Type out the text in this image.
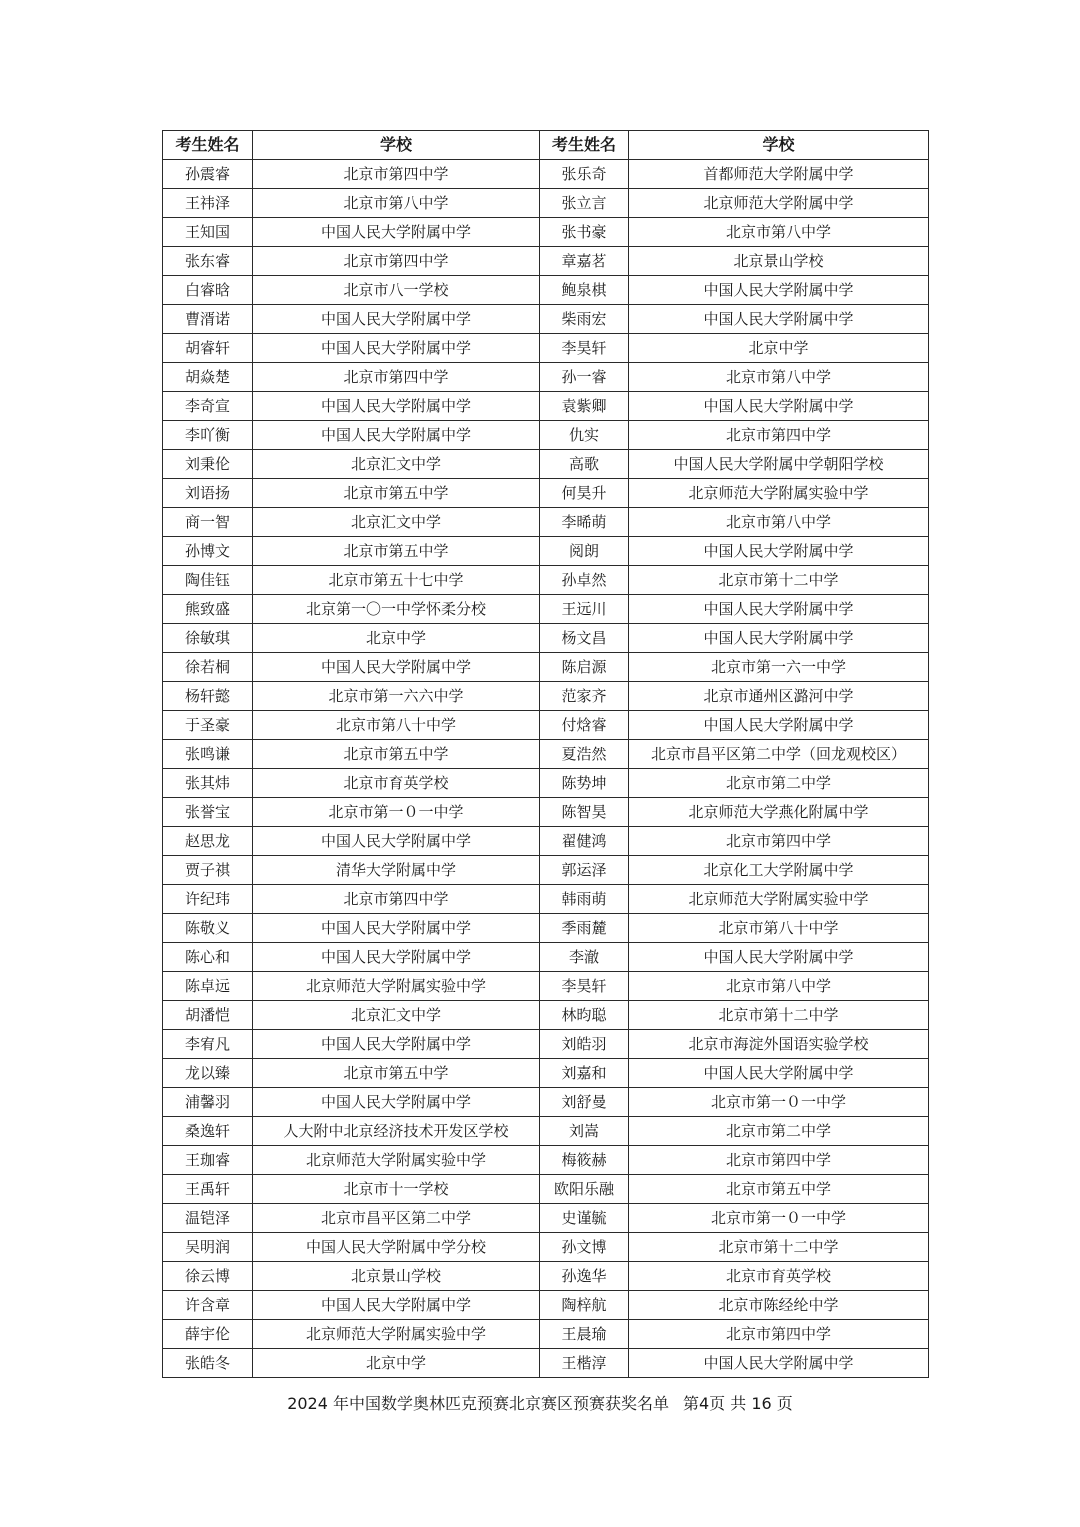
考生姓名	学校	考生姓名	学校
孙震睿	北京市第四中学	张乐奇	首都师范大学附属中学
王祎泽	北京市第八中学	张立言	北京师范大学附属中学
王知国	中国人民大学附属中学	张书豪	北京市第八中学
张东睿	北京市第四中学	章嘉茗	北京景山学校
白睿晗	北京市八一学校	鲍泉棋	中国人民大学附属中学
曹湑诺	中国人民大学附属中学	柴雨宏	中国人民大学附属中学
胡睿轩	中国人民大学附属中学	李昊轩	北京中学
胡焱楚	北京市第四中学	孙一睿	北京市第八中学
李奇宣	中国人民大学附属中学	袁紫卿	中国人民大学附属中学
李吖衡	中国人民大学附属中学	仇实	北京市第四中学
刘秉伦	北京汇文中学	高歌	中国人民大学附属中学朝阳学校
刘语扬	北京市第五中学	何昊升	北京师范大学附属实验中学
商一智	北京汇文中学	李晞萌	北京市第八中学
孙博文	北京市第五中学	阅朗	中国人民大学附属中学
陶佳钰	北京市第五十七中学	孙卓然	北京市第十二中学
熊致盛	北京第一〇一中学怀柔分校	王远川	中国人民大学附属中学
徐敏琪	北京中学	杨文昌	中国人民大学附属中学
徐若桐	中国人民大学附属中学	陈启源	北京市第一六一中学
杨轩懿	北京市第一六六中学	范家齐	北京市通州区潞河中学
于圣豪	北京市第八十中学	付焓睿	中国人民大学附属中学
张鸣谦	北京市第五中学	夏浩然	北京市昌平区第二中学（回龙观校区）
张其炜	北京市育英学校	陈势坤	北京市第二中学
张誉宝	北京市第一０一中学	陈智昊	北京师范大学燕化附属中学
赵思龙	中国人民大学附属中学	翟健鸿	北京市第四中学
贾子祺	清华大学附属中学	郭运泽	北京化工大学附属中学
许纪玮	北京市第四中学	韩雨萌	北京师范大学附属实验中学
陈敬义	中国人民大学附属中学	季雨麓	北京市第八十中学
陈心和	中国人民大学附属中学	李澈	中国人民大学附属中学
陈卓远	北京师范大学附属实验中学	李昊轩	北京市第八中学
胡潘恺	北京汇文中学	林昀聪	北京市第十二中学
李宥凡	中国人民大学附属中学	刘皓羽	北京市海淀外国语实验学校
龙以臻	北京市第五中学	刘嘉和	中国人民大学附属中学
浦馨羽	中国人民大学附属中学	刘舒曼	北京市第一０一中学
桑逸轩	人大附中北京经济技术开发区学校	刘嵩	北京市第二中学
王珈睿	北京师范大学附属实验中学	梅筱赫	北京市第四中学
王禹轩	北京市十一学校	欧阳乐融	北京市第五中学
温铠泽	北京市昌平区第二中学	史谨毓	北京市第一０一中学
吴明润	中国人民大学附属中学分校	孙文博	北京市第十二中学
徐云博	北京景山学校	孙逸华	北京市育英学校
许含章	中国人民大学附属中学	陶梓航	北京市陈经纶中学
薛宇伦	北京师范大学附属实验中学	王晨瑜	北京市第四中学
张皓冬	北京中学	王楷淳	中国人民大学附属中学
2024 年中国数学奥林匹克预赛北京赛区预赛获奖名单 第4页 共 16 页
